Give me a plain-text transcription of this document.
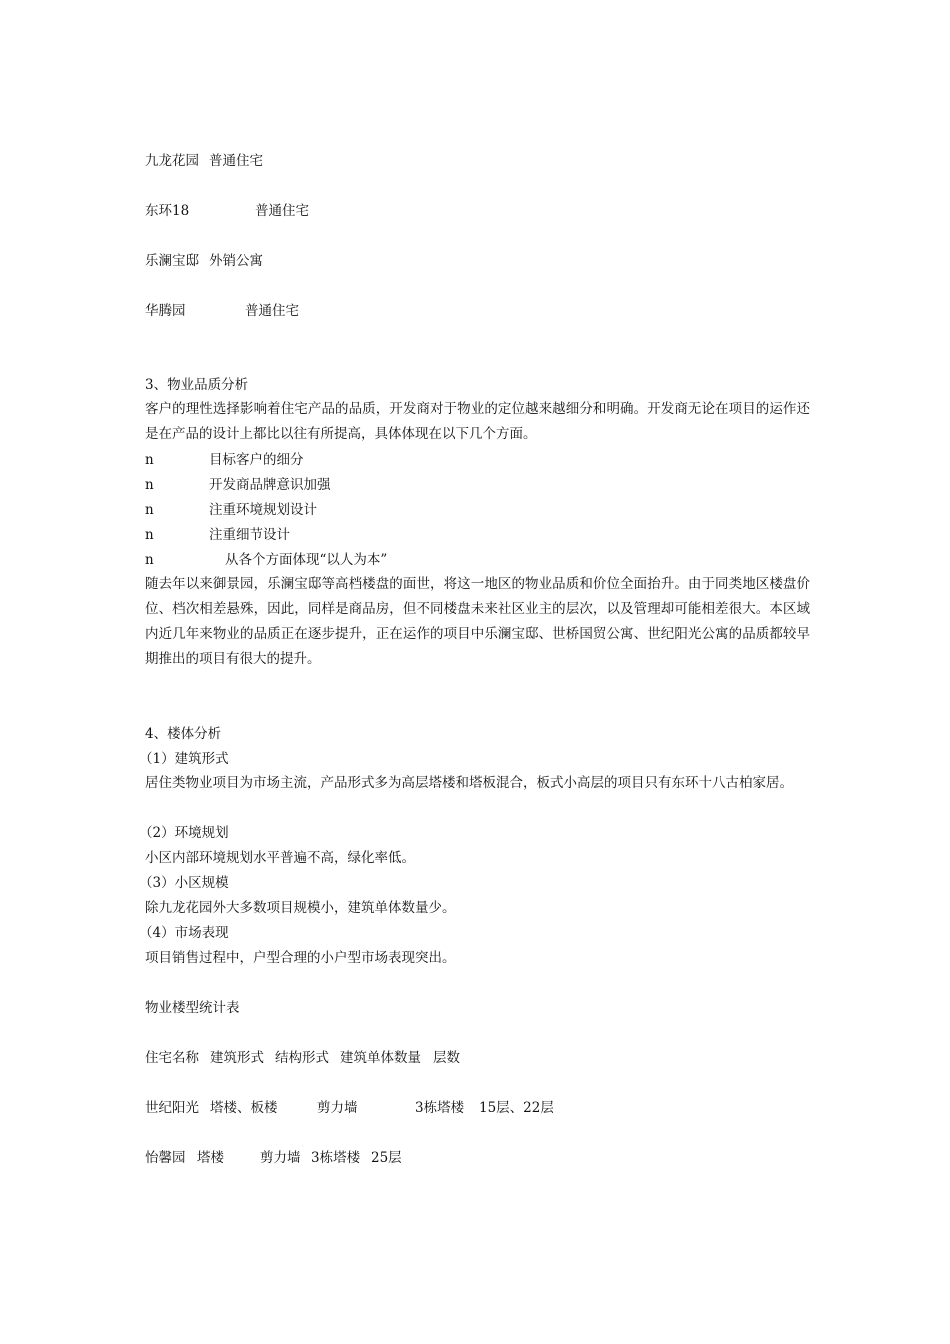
九龙花园 普通住宅
东环18	普通住宅
乐澜宝邸 外销公寓
华腾园	普通住宅
3、物业品质分析
客户的理性选择影响着住宅产品的品质，开发商对于物业的定位越来越细分和明确。开发商无论在项目的运作还是在产品的设计上都比以往有所提高，具体体现在以下几个方面。
n	目标客户的细分
n	开发商品牌意识加强
n	注重环境规划设计
n	注重细节设计
n	从各个方面体现“以人为本”
随去年以来御景园，乐澜宝邸等高档楼盘的面世，将这一地区的物业品质和价位全面抬升。由于同类地区楼盘价位、档次相差悬殊，因此，同样是商品房，但不同楼盘未来社区业主的层次，以及管理却可能相差很大。本区域内近几年来物业的品质正在逐步提升，正在运作的项目中乐澜宝邸、世桥国贸公寓、世纪阳光公寓的品质都较早期推出的项目有很大的提升。
4、楼体分析
（1）建筑形式
居住类物业项目为市场主流，产品形式多为高层塔楼和塔板混合，板式小高层的项目只有东环十八古柏家居。
（2）环境规划
小区内部环境规划水平普遍不高，绿化率低。
（3）小区规模
除九龙花园外大多数项目规模小，建筑单体数量少。
（4）市场表现
项目销售过程中，户型合理的小户型市场表现突出。
物业楼型统计表
住宅名称 建筑形式 结构形式 建筑单体数量 层数
世纪阳光 塔楼、板楼	剪力墙	3栋塔楼 15层、22层
怡馨园 塔楼	剪力墙 3栋塔楼 25层
